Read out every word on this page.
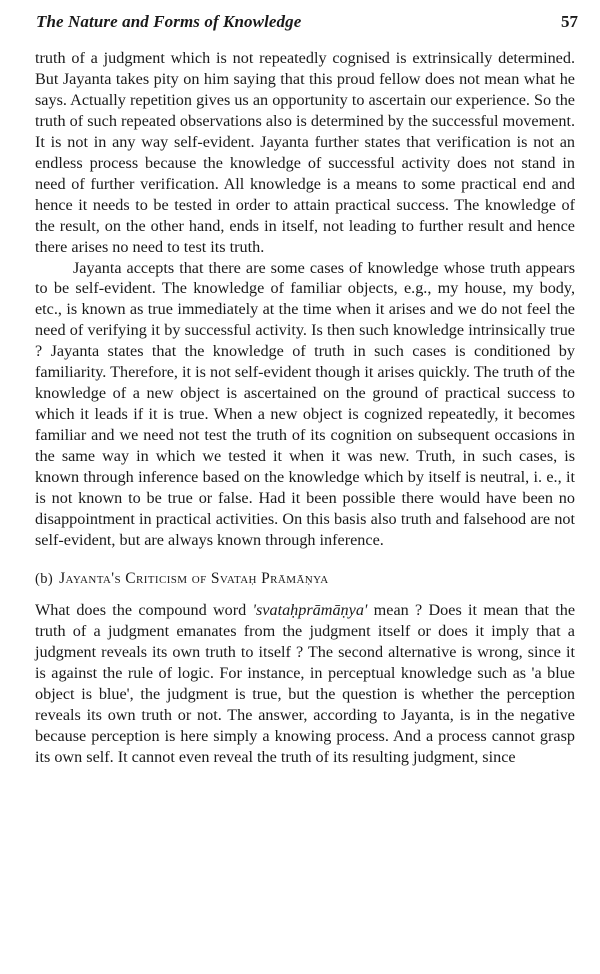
The Nature and Forms of Knowledge	57

truth of a judgment which is not repeatedly cognised is extrinsically determined. But Jayanta takes pity on him saying that this proud fellow does not mean what he says. Actually repetition gives us an opportunity to ascertain our experience. So the truth of such repeated observations also is determined by the successful movement. It is not in any way self-evident. Jayanta further states that verification is not an endless process because the knowledge of successful activity does not stand in need of further verification. All knowledge is a means to some practical end and hence it needs to be tested in order to attain practical success. The knowledge of the result, on the other hand, ends in itself, not leading to further result and hence there arises no need to test its truth.

Jayanta accepts that there are some cases of knowledge whose truth appears to be self-evident. The knowledge of familiar objects, e.g., my house, my body, etc., is known as true immediately at the time when it arises and we do not feel the need of verifying it by successful activity. Is then such knowledge intrinsically true ? Jayanta states that the knowledge of truth in such cases is conditioned by familiarity. Therefore, it is not self-evident though it arises quickly. The truth of the knowledge of a new object is ascertained on the ground of practical success to which it leads if it is true. When a new object is cognized repeatedly, it becomes familiar and we need not test the truth of its cognition on subsequent occasions in the same way in which we tested it when it was new. Truth, in such cases, is known through inference based on the knowledge which by itself is neutral, i. e., it is not known to be true or false. Had it been possible there would have been no disappointment in practical activities. On this basis also truth and falsehood are not self-evident, but are always known through inference.

(b) Jayanta's Criticism of Svataḥ Prāmāṇya

What does the compound word 'svataḥprāmāṇya' mean ? Does it mean that the truth of a judgment emanates from the judgment itself or does it imply that a judgment reveals its own truth to itself ? The second alternative is wrong, since it is against the rule of logic. For instance, in perceptual knowledge such as 'a blue object is blue', the judgment is true, but the question is whether the perception reveals its own truth or not. The answer, according to Jayanta, is in the negative because perception is here simply a knowing process. And a process cannot grasp its own self. It cannot even reveal the truth of its resulting judgment, since
